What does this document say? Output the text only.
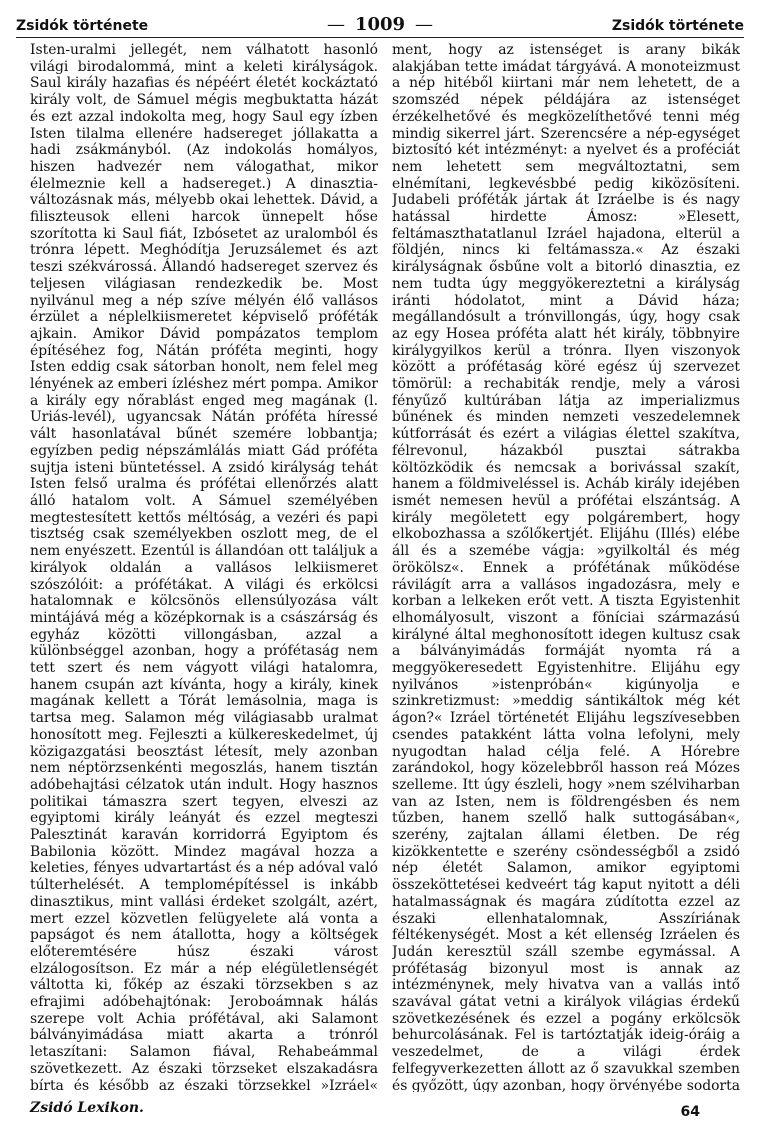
Zsidók története	— 1009 —	Zsidók története

Isten-uralmi jellegét, nem válhatott hasonló világi birodalommá, mint a keleti királyságok. Saul király hazafias és népéért életét kockáztató király volt, de Sámuel mégis megbuktatta házát és ezt azzal indokolta meg, hogy Saul egy ízben Isten tilalma ellenére hadsereget jóllakatta a hadi zsákmányból. (Az indokolás homályos, hiszen hadvezér nem válogathat, mikor élelmeznie kell a hadsereget.) A dinasztia-változásnak más, mélyebb okai lehettek. Dávid, a filiszteusok elleni harcok ünnepelt hőse szorította ki Saul fiát, Izbósetet az uralomból és trónra lépett. Meghódítja Jeruzsálemet és azt teszi székvárossá. Állandó hadsereget szervez és teljesen világiasan rendezkedik be. Most nyilvánul meg a nép szíve mélyén élő vallásos érzület a néplelkiismeretet képviselő próféták ajkain. Amikor Dávid pompázatos templom építéséhez fog, Nátán próféta meginti, hogy Isten eddig csak sátorban honolt, nem felel meg lényének az emberi ízléshez mért pompa. Amikor a király egy nőrablást enged meg magának (l. Uriás-levél), ugyancsak Nátán próféta híressé vált hasonlatával bűnét szemére lobbantja; egyízben pedig népszámlálás miatt Gád próféta sujtja isteni büntetéssel. A zsidó királyság tehát Isten felső uralma és prófétai ellenőrzés alatt álló hatalom volt. A Sámuel személyében megtestesített kettős méltóság, a vezéri és papi tisztség csak személyekben oszlott meg, de el nem enyészett. Ezentúl is állandóan ott találjuk a királyok oldalán a vallásos lelkiismeret szószólóit: a prófétákat. A világi és erkölcsi hatalomnak e kölcsönös ellensúlyozása vált mintájává még a középkornak is a császárság és egyház közötti villongásban, azzal a különbséggel azonban, hogy a prófétaság nem tett szert és nem vágyott világi hatalomra, hanem csupán azt kívánta, hogy a király, kinek magának kellett a Tórát lemásolnia, maga is tartsa meg. Salamon még világiasabb uralmat honosított meg. Fejleszti a külkereskedelmet, új közigazgatási beosztást létesít, mely azonban nem néptörzsenkénti megoszlás, hanem tisztán adóbehajtási célzatok után indult. Hogy hasznos politikai támaszra szert tegyen, elveszi az egyiptomi király leányát és ezzel megteszi Palesztinát karaván korridorrá Egyiptom és Babilonia között. Mindez magával hozza a keleties, fényes udvartartást és a nép adóval való túlterhelését. A templomépítéssel is inkább dinasztikus, mint vallási érdeket szolgált, azért, mert ezzel közvetlen felügyelete alá vonta a papságot és nem átallotta, hogy a költségek előteremtésére húsz északi várost elzálogosítson. Ez már a nép elégületlenségét váltotta ki, főkép az északi törzsekben s az efrajimi adóbehajtónak: Jeroboámnak hálás szerepe volt Achia prófétával, aki Salamont bálványimádása miatt akarta a trónról letaszítani: Salamon fiával, Rehabeámmal szövetkezett. Az északi törzseket elszakadásra bírta és később az északi törzsekkel »Izráel«

ment, hogy az istenséget is arany bikák alakjában tette imádat tárgyává. A monoteizmust a nép hitéből kiirtani már nem lehetett, de a szomszéd népek példájára az istenséget érzékelhetővé és megközelíthetővé tenni még mindig sikerrel járt. Szerencsére a nép-egységet biztosító két intézményt: a nyelvet és a proféciát nem lehetett sem megváltoztatni, sem elnémítani, legkevésbbé pedig kiközösíteni. Judabeli próféták jártak át Izráelbe is és nagy hatással hirdette Ámosz: »Elesett, feltámaszthatatlanul Izráel hajadona, elterül a földjén, nincs ki feltámassza.« Az északi királyságnak ősbűne volt a bitorló dinasztia, ez nem tudta úgy meggyökereztetni a királyság iránti hódolatot, mint a Dávid háza; megállandósult a trónvillongás, úgy, hogy csak az egy Hosea próféta alatt hét király, többnyire királygyilkos kerül a trónra. Ilyen viszonyok között a prófétaság köré egész új szervezet tömörül: a rechabiták rendje, mely a városi fényűző kultúrában látja az imperializmus bűnének és minden nemzeti veszedelemnek kútforrását és ezért a világias élettel szakítva, félrevonul, házakból pusztai sátrakba költözködik és nemcsak a borivással szakít, hanem a földmiveléssel is. Acháb király idejében ismét nemesen hevül a prófétai elszántság. A király megöletett egy polgárembert, hogy elkobozhassa a szőlőkertjét. Elijáhu (Illés) elébe áll és a szemébe vágja: »gyilkoltál és még örökölsz«. Ennek a prófétának működése rávilágít arra a vallásos ingadozásra, mely e korban a lelkeken erőt vett. A tiszta Egyistenhit elhomályosult, viszont a föníciai származású királyné által meghonosított idegen kultusz csak a bálványimádás formáját nyomta rá a meggyökeresedett Egyistenhitre. Elijáhu egy nyilvános »istenpróbán« kigúnyolja e szinkretizmust: »meddig sántikáltok még két ágon?« Izráel történetét Elijáhu legszívesebben csendes patakként látta volna lefolyni, mely nyugodtan halad célja felé. A Hórebre zarándokol, hogy közelebbről hasson reá Mózes szelleme. Itt úgy észleli, hogy »nem szélviharban van az Isten, nem is földrengésben és nem tűzben, hanem szellő halk suttogásában«, szerény, zajtalan állami életben. De rég kizökkentette e szerény csöndességből a zsidó nép életét Salamon, amikor egyiptomi összeköttetései kedveért tág kaput nyitott a déli hatalmasságnak és magára zúdította ezzel az északi ellenhatalomnak, Asszíriának féltékenységét. Most a két ellenség Izráelen és Judán keresztül száll szembe egymással. A prófétaság bizonyul most is annak az intézménynek, mely hivatva van a vallás intő szavával gátat vetni a királyok világias érdekű szövetkezésének és ezzel a pogány erkölcsök behurcolásának. Fel is tartóztatják ideig-óráig a veszedelmet, de a világi érdek felfegyverkezetten állott az ő szavukkal szemben és győzött, úgy azonban, hogy örvényébe sodorta

Zsidó Lexikon.	64
